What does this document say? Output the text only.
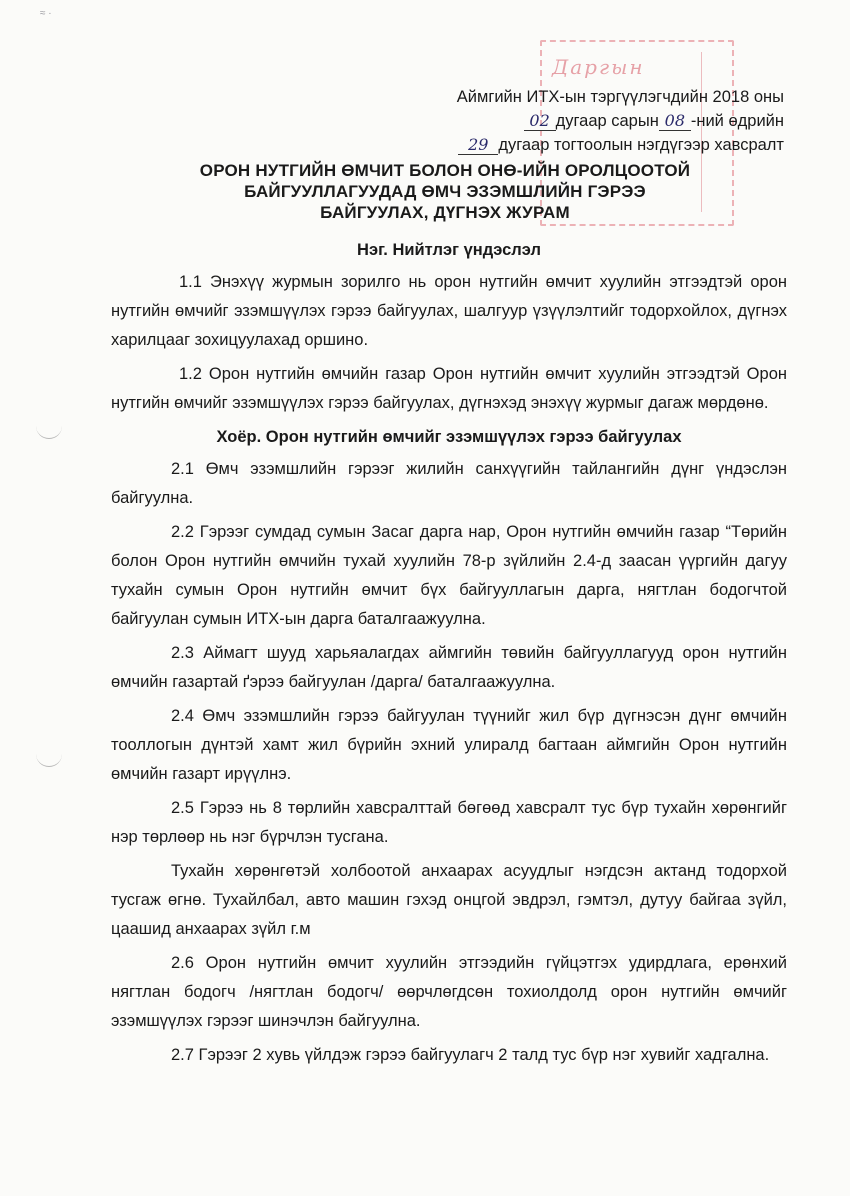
≈ ·
Даргын
Аймгийн ИТХ-ын тэргүүлэгчдийн 2018 оны
02 дугаар сарын 08 -ний өдрийн
29 дугаар тогтоолын нэгдүгээр хавсралт
ОРОН НУТГИЙН ӨМЧИТ БОЛОН ОНӨ-ИЙН ОРОЛЦООТОЙ
БАЙГУУЛЛАГУУДАД ӨМЧ ЭЗЭМШЛИЙН ГЭРЭЭ
БАЙГУУЛАХ, ДҮГНЭХ ЖУРАМ
Нэг. Нийтлэг үндэслэл

1.1 Энэхүү журмын зорилго нь орон нутгийн өмчит хуулийн этгээдтэй орон нутгийн өмчийг эзэмшүүлэх гэрээ байгуулах, шалгуур үзүүлэлтийг тодорхойлох, дүгнэх харилцааг зохицуулахад оршино.

1.2 Орон нутгийн өмчийн газар Орон нутгийн өмчит хуулийн этгээдтэй Орон нутгийн өмчийг эзэмшүүлэх гэрээ байгуулах, дүгнэхэд энэхүү журмыг дагаж мөрдөнө.

Хоёр. Орон нутгийн өмчийг эзэмшүүлэх гэрээ байгуулах

2.1 Өмч эзэмшлийн гэрээг жилийн санхүүгийн тайлангийн дүнг үндэслэн байгуулна.

2.2 Гэрээг сумдад сумын Засаг дарга нар, Орон нутгийн өмчийн газар “Төрийн болон Орон нутгийн өмчийн тухай хуулийн 78-р зүйлийн 2.4-д заасан үүргийн дагуу тухайн сумын Орон нутгийн өмчит бүх байгууллагын дарга, нягтлан бодогчтой байгуулан сумын ИТХ-ын дарга баталгаажуулна.

2.3 Аймагт шууд харьяалагдах аймгийн төвийн байгууллагууд орон нутгийн өмчийн газартай ґэрээ байгуулан /дарга/ баталгаажуулна.

2.4 Өмч эзэмшлийн гэрээ байгуулан түүнийг жил бүр дүгнэсэн дүнг өмчийн тооллогын дүнтэй хамт жил бүрийн эхний улиралд багтаан аймгийн Орон нутгийн өмчийн газарт ирүүлнэ.

2.5 Гэрээ нь 8 төрлийн хавсралттай бөгөөд хавсралт тус бүр тухайн хөрөнгийг нэр төрлөөр нь нэг бүрчлэн тусгана.

Тухайн хөрөнгөтэй холбоотой анхаарах асуудлыг нэгдсэн актанд тодорхой тусгаж өгнө. Тухайлбал, авто машин гэхэд онцгой эвдрэл, гэмтэл, дутуу байгаа зүйл, цаашид анхаарах зүйл г.м

2.6 Орон нутгийн өмчит хуулийн этгээдийн гүйцэтгэх удирдлага, ерөнхий нягтлан бодогч /нягтлан бодогч/ өөрчлөгдсөн тохиолдолд орон нутгийн өмчийг эзэмшүүлэх гэрээг шинэчлэн байгуулна.

2.7 Гэрээг 2 хувь үйлдэж гэрээ байгуулагч 2 талд тус бүр нэг хувийг хадгална.
